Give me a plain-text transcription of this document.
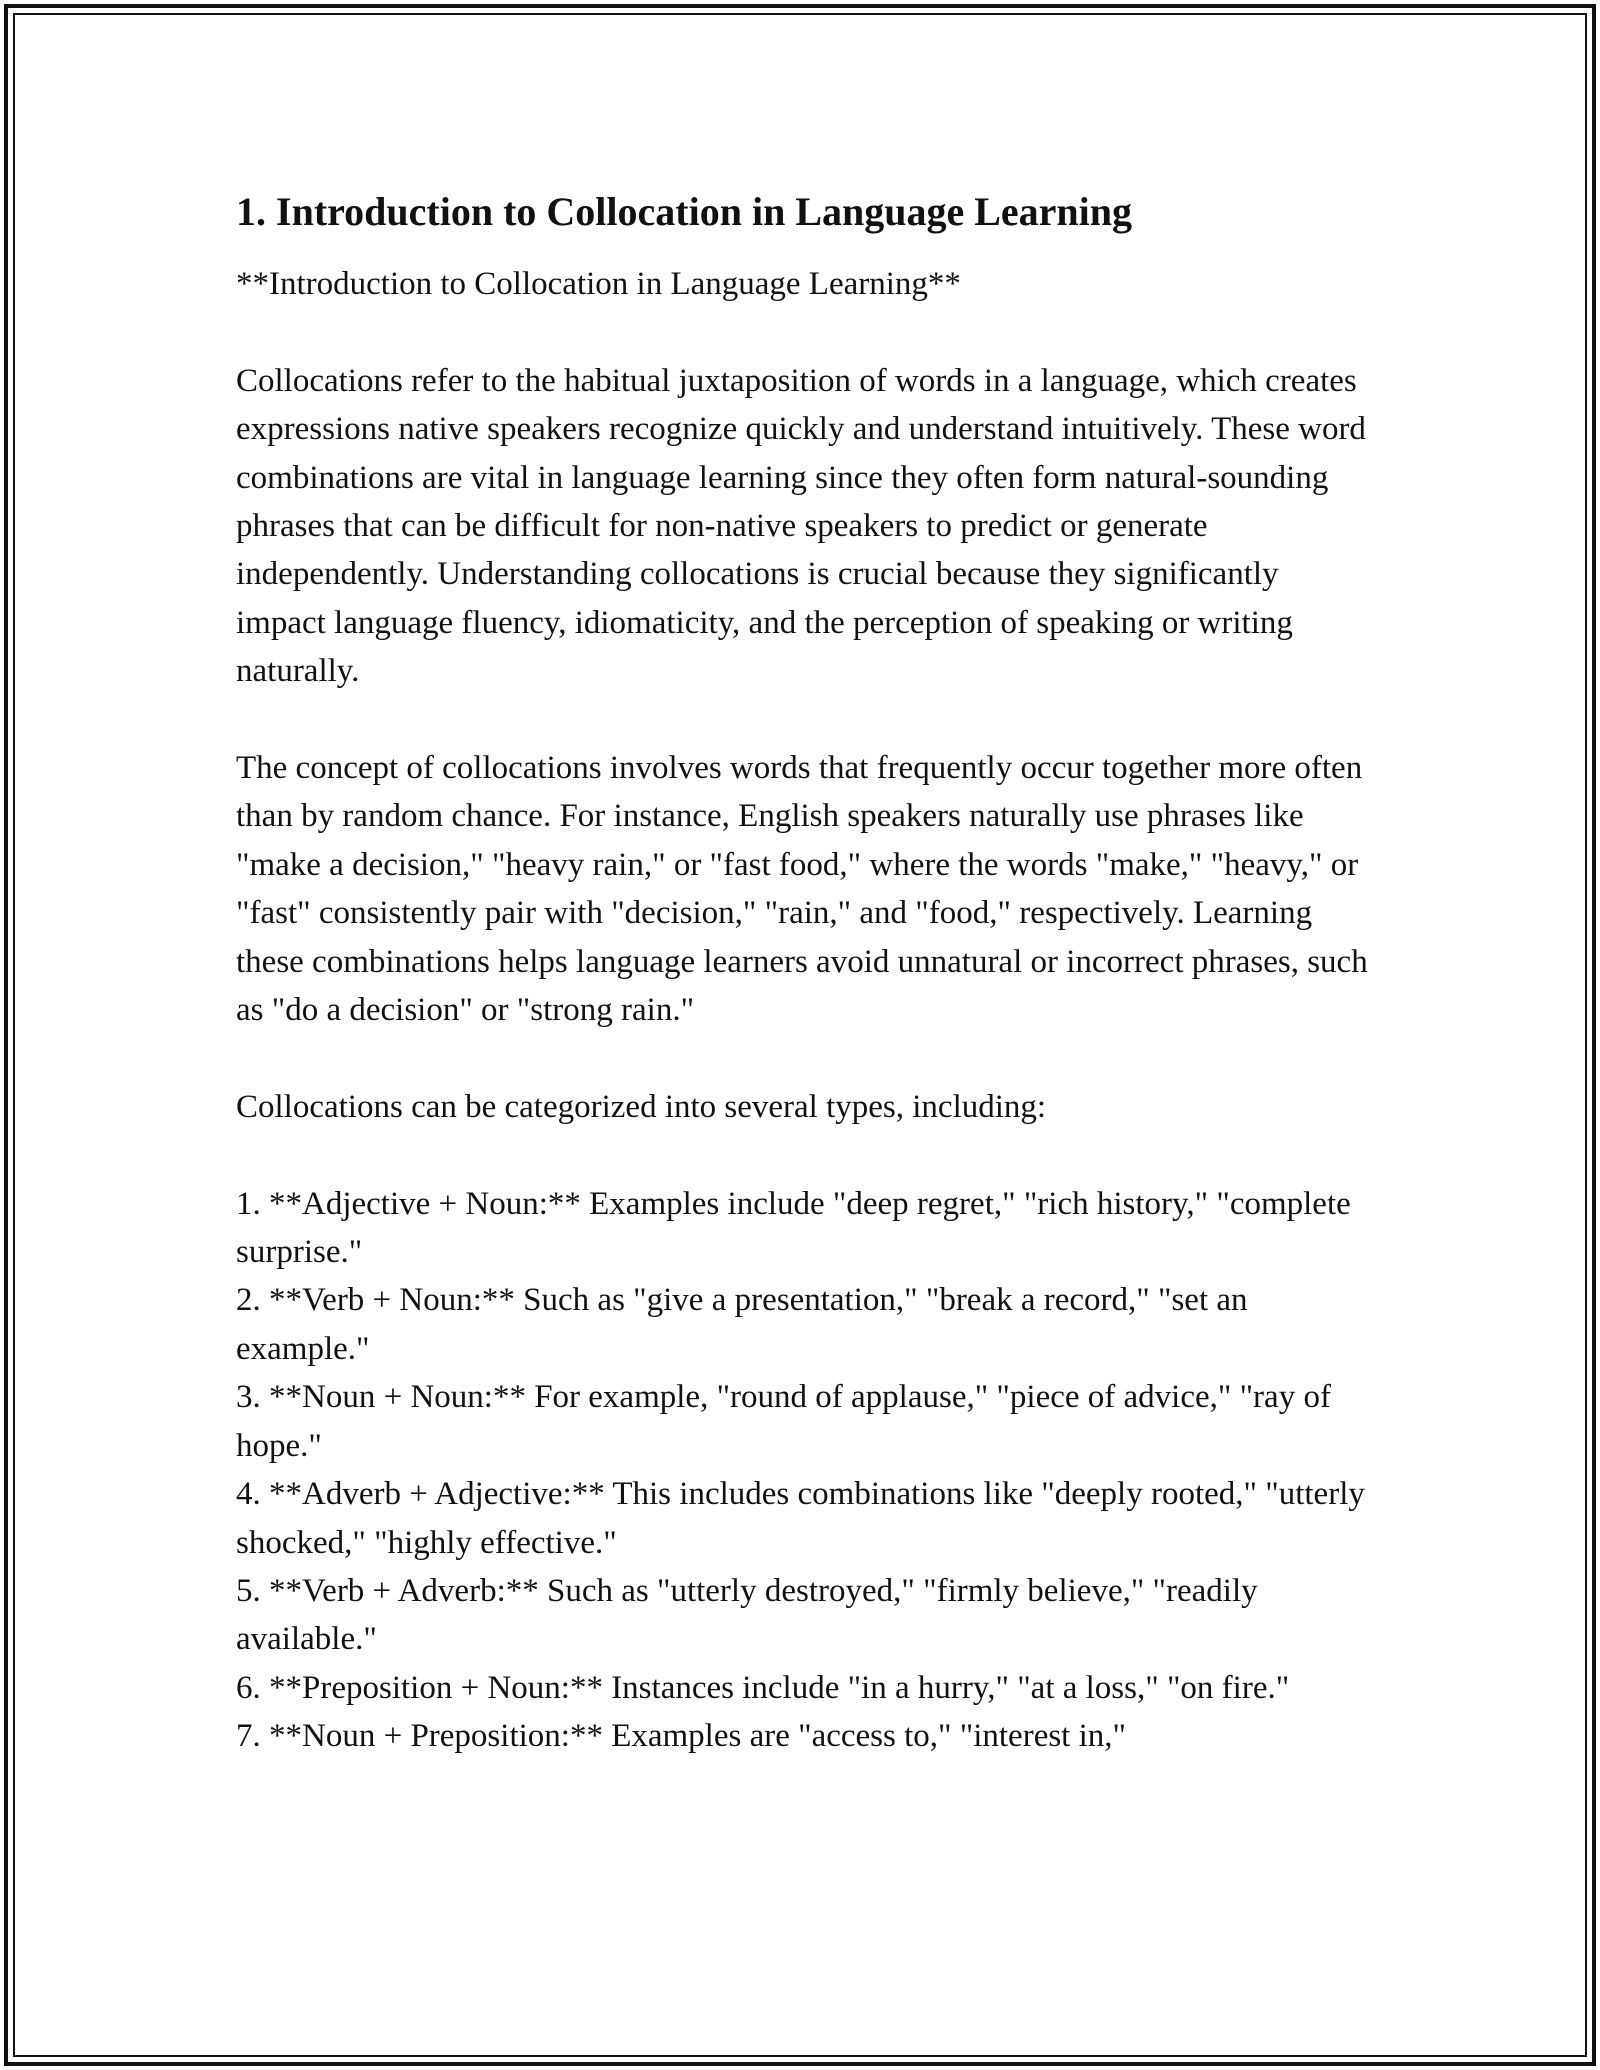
1. Introduction to Collocation in Language Learning

**Introduction to Collocation in Language Learning**

Collocations refer to the habitual juxtaposition of words in a language, which creates expressions native speakers recognize quickly and understand intuitively. These word combinations are vital in language learning since they often form natural-sounding phrases that can be difficult for non-native speakers to predict or generate independently. Understanding collocations is crucial because they significantly impact language fluency, idiomaticity, and the perception of speaking or writing naturally.

The concept of collocations involves words that frequently occur together more often than by random chance. For instance, English speakers naturally use phrases like "make a decision," "heavy rain," or "fast food," where the words "make," "heavy," or "fast" consistently pair with "decision," "rain," and "food," respectively. Learning these combinations helps language learners avoid unnatural or incorrect phrases, such as "do a decision" or "strong rain."

Collocations can be categorized into several types, including:

1. **Adjective + Noun:** Examples include "deep regret," "rich history," "complete surprise."
2. **Verb + Noun:** Such as "give a presentation," "break a record," "set an example."
3. **Noun + Noun:** For example, "round of applause," "piece of advice," "ray of hope."
4. **Adverb + Adjective:** This includes combinations like "deeply rooted," "utterly shocked," "highly effective."
5. **Verb + Adverb:** Such as "utterly destroyed," "firmly believe," "readily available."
6. **Preposition + Noun:** Instances include "in a hurry," "at a loss," "on fire."
7. **Noun + Preposition:** Examples are "access to," "interest in,"
